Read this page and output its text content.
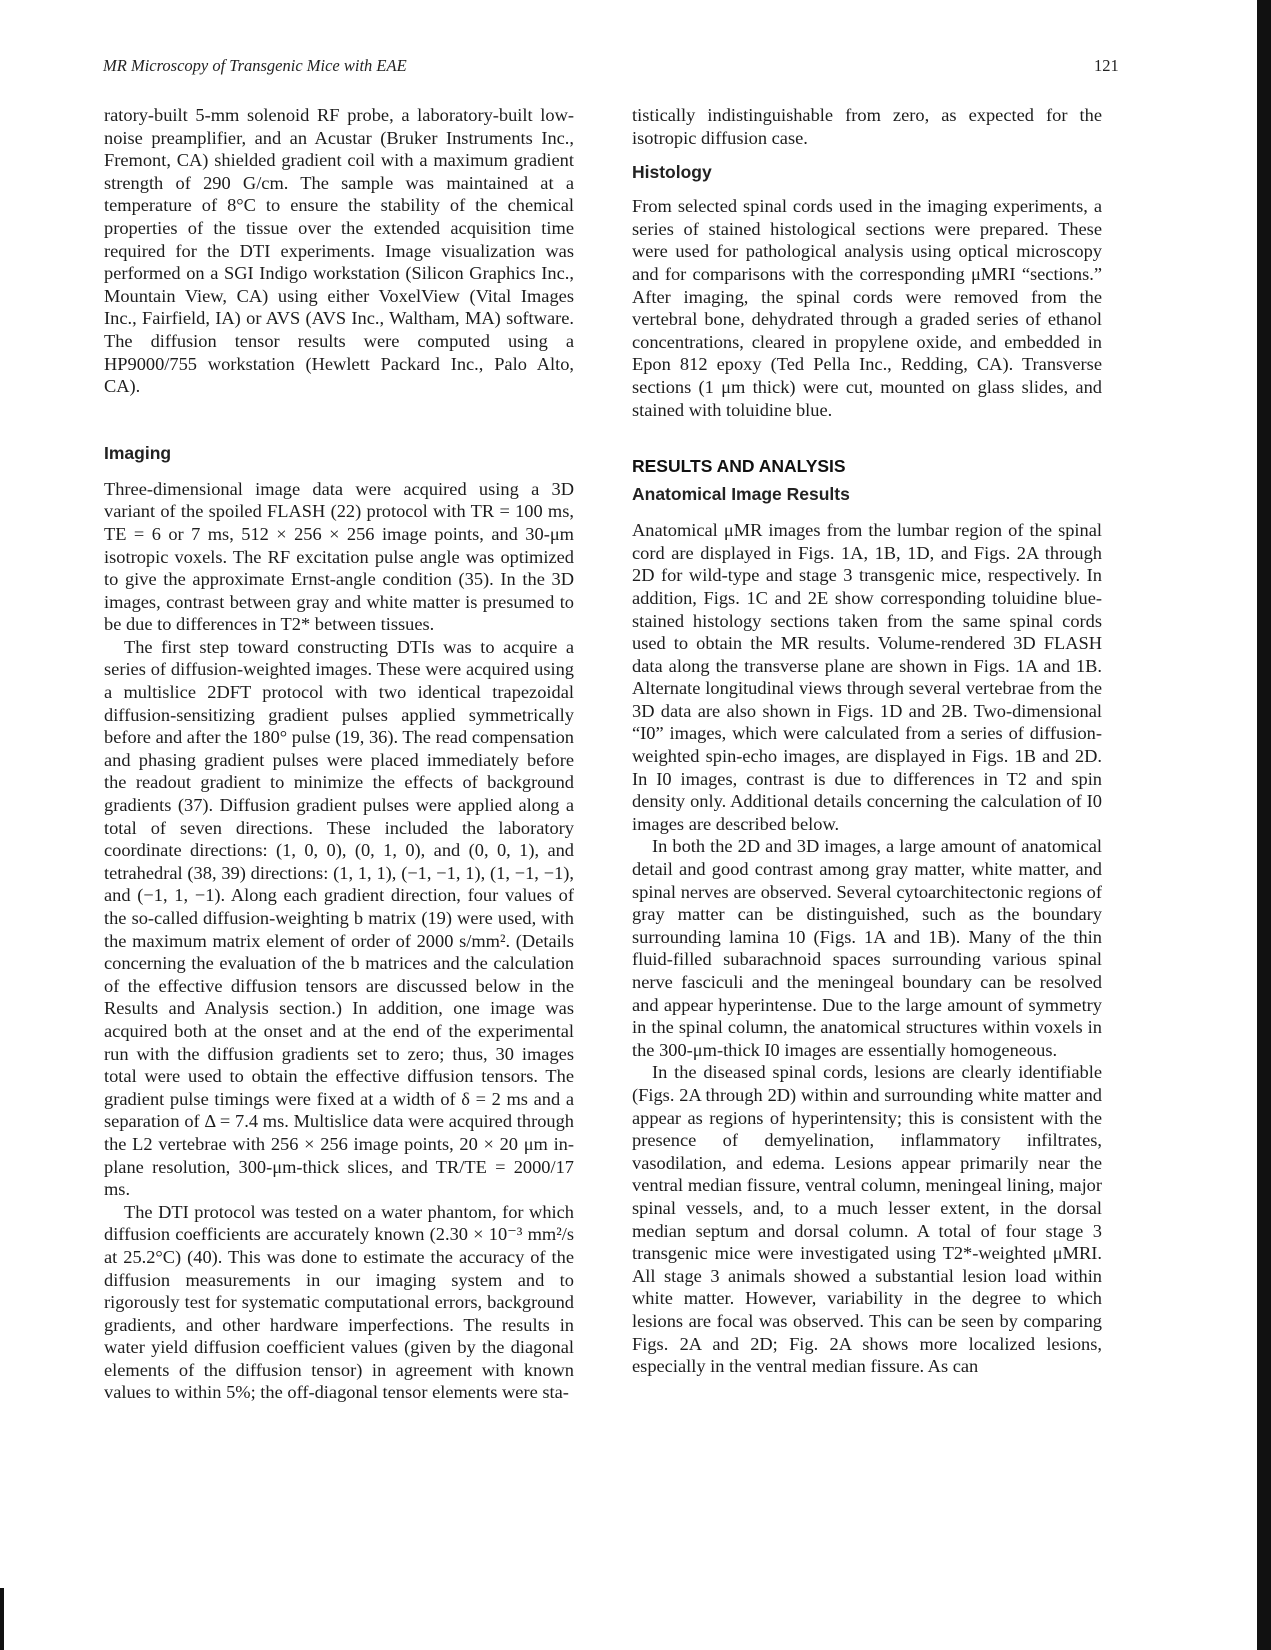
MR Microscopy of Transgenic Mice with EAE	121

ratory-built 5-mm solenoid RF probe, a laboratory-built low-noise preamplifier, and an Acustar (Bruker Instruments Inc., Fremont, CA) shielded gradient coil with a maximum gradient strength of 290 G/cm. The sample was maintained at a temperature of 8°C to ensure the stability of the chemical properties of the tissue over the extended acquisition time required for the DTI experiments. Image visualization was performed on a SGI Indigo workstation (Silicon Graphics Inc., Mountain View, CA) using either VoxelView (Vital Images Inc., Fairfield, IA) or AVS (AVS Inc., Waltham, MA) software. The diffusion tensor results were computed using a HP9000/755 workstation (Hewlett Packard Inc., Palo Alto, CA).

Imaging

Three-dimensional image data were acquired using a 3D variant of the spoiled FLASH (22) protocol with TR = 100 ms, TE = 6 or 7 ms, 512 × 256 × 256 image points, and 30-μm isotropic voxels. The RF excitation pulse angle was optimized to give the approximate Ernst-angle condition (35). In the 3D images, contrast between gray and white matter is presumed to be due to differences in T2* between tissues.

The first step toward constructing DTIs was to acquire a series of diffusion-weighted images. These were acquired using a multislice 2DFT protocol with two identical trapezoidal diffusion-sensitizing gradient pulses applied symmetrically before and after the 180° pulse (19, 36). The read compensation and phasing gradient pulses were placed immediately before the readout gradient to minimize the effects of background gradients (37). Diffusion gradient pulses were applied along a total of seven directions. These included the laboratory coordinate directions: (1, 0, 0), (0, 1, 0), and (0, 0, 1), and tetrahedral (38, 39) directions: (1, 1, 1), (−1, −1, 1), (1, −1, −1), and (−1, 1, −1). Along each gradient direction, four values of the so-called diffusion-weighting b matrix (19) were used, with the maximum matrix element of order of 2000 s/mm². (Details concerning the evaluation of the b matrices and the calculation of the effective diffusion tensors are discussed below in the Results and Analysis section.) In addition, one image was acquired both at the onset and at the end of the experimental run with the diffusion gradients set to zero; thus, 30 images total were used to obtain the effective diffusion tensors. The gradient pulse timings were fixed at a width of δ = 2 ms and a separation of Δ = 7.4 ms. Multislice data were acquired through the L2 vertebrae with 256 × 256 image points, 20 × 20 μm in-plane resolution, 300-μm-thick slices, and TR/TE = 2000/17 ms.

The DTI protocol was tested on a water phantom, for which diffusion coefficients are accurately known (2.30 × 10⁻³ mm²/s at 25.2°C) (40). This was done to estimate the accuracy of the diffusion measurements in our imaging system and to rigorously test for systematic computational errors, background gradients, and other hardware imperfections. The results in water yield diffusion coefficient values (given by the diagonal elements of the diffusion tensor) in agreement with known values to within 5%; the off-diagonal tensor elements were sta-

tistically indistinguishable from zero, as expected for the isotropic diffusion case.

Histology

From selected spinal cords used in the imaging experiments, a series of stained histological sections were prepared. These were used for pathological analysis using optical microscopy and for comparisons with the corresponding μMRI “sections.” After imaging, the spinal cords were removed from the vertebral bone, dehydrated through a graded series of ethanol concentrations, cleared in propylene oxide, and embedded in Epon 812 epoxy (Ted Pella Inc., Redding, CA). Transverse sections (1 μm thick) were cut, mounted on glass slides, and stained with toluidine blue.

RESULTS AND ANALYSIS
Anatomical Image Results

Anatomical μMR images from the lumbar region of the spinal cord are displayed in Figs. 1A, 1B, 1D, and Figs. 2A through 2D for wild-type and stage 3 transgenic mice, respectively. In addition, Figs. 1C and 2E show corresponding toluidine blue-stained histology sections taken from the same spinal cords used to obtain the MR results. Volume-rendered 3D FLASH data along the transverse plane are shown in Figs. 1A and 1B. Alternate longitudinal views through several vertebrae from the 3D data are also shown in Figs. 1D and 2B. Two-dimensional “I0” images, which were calculated from a series of diffusion-weighted spin-echo images, are displayed in Figs. 1B and 2D. In I0 images, contrast is due to differences in T2 and spin density only. Additional details concerning the calculation of I0 images are described below.

In both the 2D and 3D images, a large amount of anatomical detail and good contrast among gray matter, white matter, and spinal nerves are observed. Several cytoarchitectonic regions of gray matter can be distinguished, such as the boundary surrounding lamina 10 (Figs. 1A and 1B). Many of the thin fluid-filled subarachnoid spaces surrounding various spinal nerve fasciculi and the meningeal boundary can be resolved and appear hyperintense. Due to the large amount of symmetry in the spinal column, the anatomical structures within voxels in the 300-μm-thick I0 images are essentially homogeneous.

In the diseased spinal cords, lesions are clearly identifiable (Figs. 2A through 2D) within and surrounding white matter and appear as regions of hyperintensity; this is consistent with the presence of demyelination, inflammatory infiltrates, vasodilation, and edema. Lesions appear primarily near the ventral median fissure, ventral column, meningeal lining, major spinal vessels, and, to a much lesser extent, in the dorsal median septum and dorsal column. A total of four stage 3 transgenic mice were investigated using T2*-weighted μMRI. All stage 3 animals showed a substantial lesion load within white matter. However, variability in the degree to which lesions are focal was observed. This can be seen by comparing Figs. 2A and 2D; Fig. 2A shows more localized lesions, especially in the ventral median fissure. As can
